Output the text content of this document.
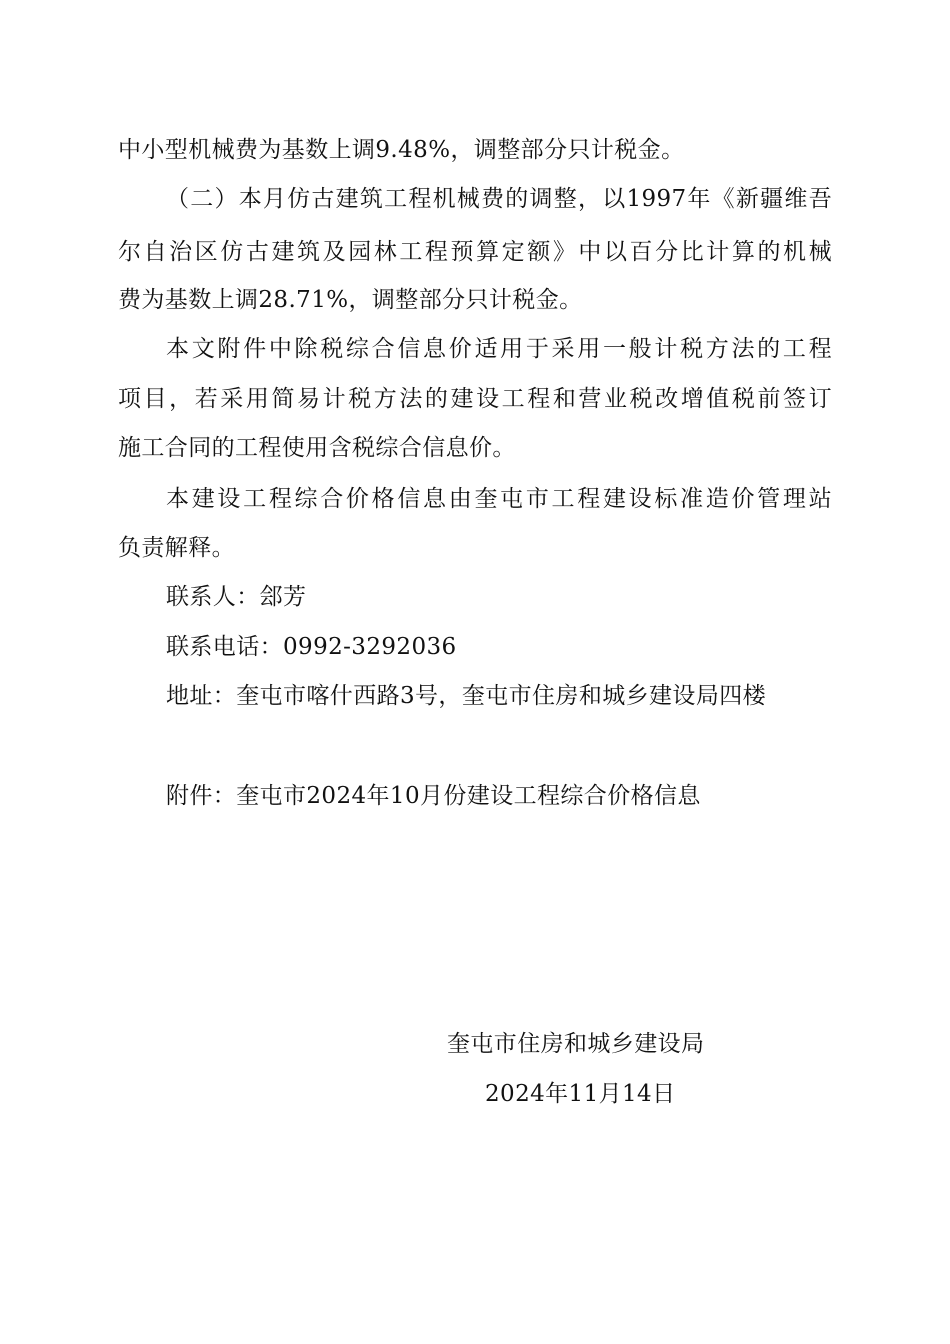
中小型机械费为基数上调9.48%，调整部分只计税金。
（二）本月仿古建筑工程机械费的调整，以1997年《新疆维吾
尔自治区仿古建筑及园林工程预算定额》中以百分比计算的机械
费为基数上调28.71%，调整部分只计税金。
本文附件中除税综合信息价适用于采用一般计税方法的工程
项目，若采用简易计税方法的建设工程和营业税改增值税前签订
施工合同的工程使用含税综合信息价。
本建设工程综合价格信息由奎屯市工程建设标准造价管理站
负责解释。
联系人：郐芳
联系电话：0992-3292036
地址：奎屯市喀什西路3号，奎屯市住房和城乡建设局四楼
附件：奎屯市2024年10月份建设工程综合价格信息
奎屯市住房和城乡建设局
2024年11月14日
